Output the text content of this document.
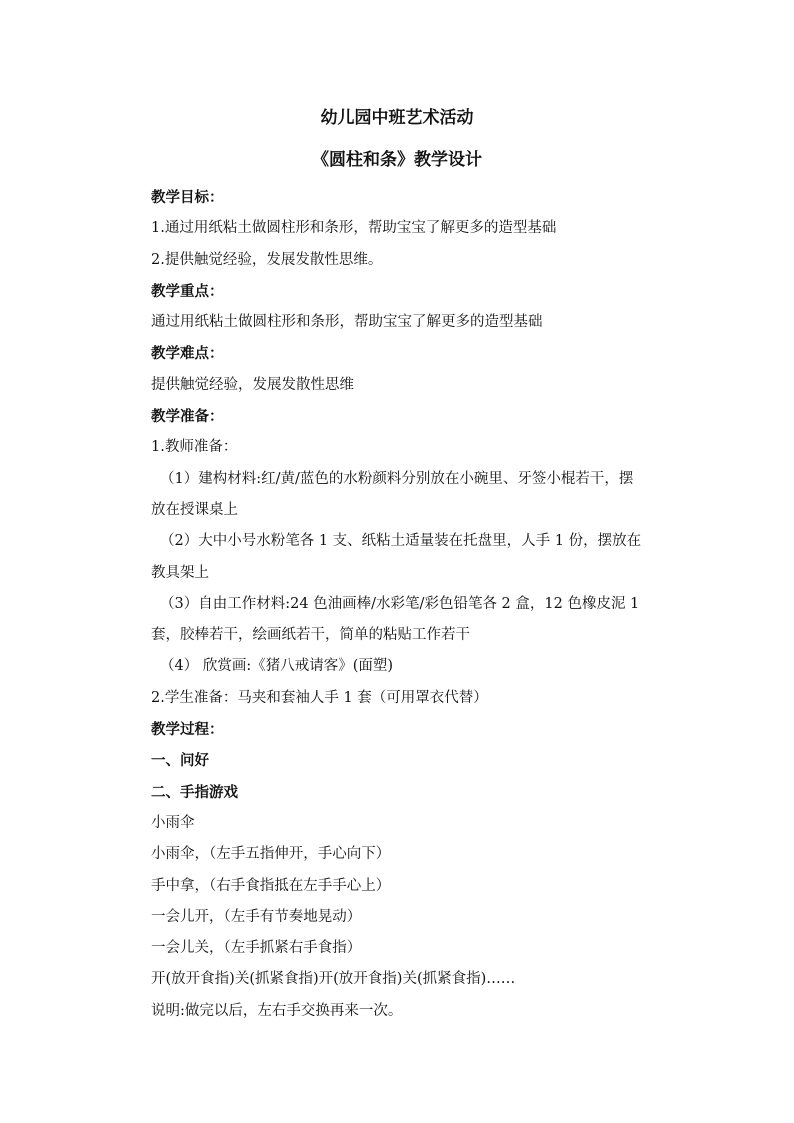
幼儿园中班艺术活动
《圆柱和条》教学设计
教学目标：
1.通过用纸粘土做圆柱形和条形，帮助宝宝了解更多的造型基础
2.提供触觉经验，发展发散性思维。
教学重点：
通过用纸粘土做圆柱形和条形，帮助宝宝了解更多的造型基础
教学难点：
提供触觉经验，发展发散性思维
教学准备：
1.教师准备：
（1）建构材料:红/黄/蓝色的水粉颜料分别放在小碗里、牙签小棍若干，摆
放在授课桌上
（2）大中小号水粉笔各 1 支、纸粘土适量装在托盘里，人手 1 份，摆放在
教具架上
（3）自由工作材料:24 色油画棒/水彩笔/彩色铅笔各 2 盒，12 色橡皮泥 1
套，胶棒若干，绘画纸若干，简单的粘贴工作若干
（4） 欣赏画:《猪八戒请客》(面塑)
2.学生准备：马夹和套袖人手 1 套（可用罩衣代替）
教学过程：
一、问好
二、手指游戏
小雨伞
小雨伞，（左手五指伸开，手心向下）
手中拿，（右手食指抵在左手手心上）
一会儿开，（左手有节奏地晃动）
一会儿关，（左手抓紧右手食指）
开(放开食指)关(抓紧食指)开(放开食指)关(抓紧食指)……
说明:做完以后，左右手交换再来一次。
